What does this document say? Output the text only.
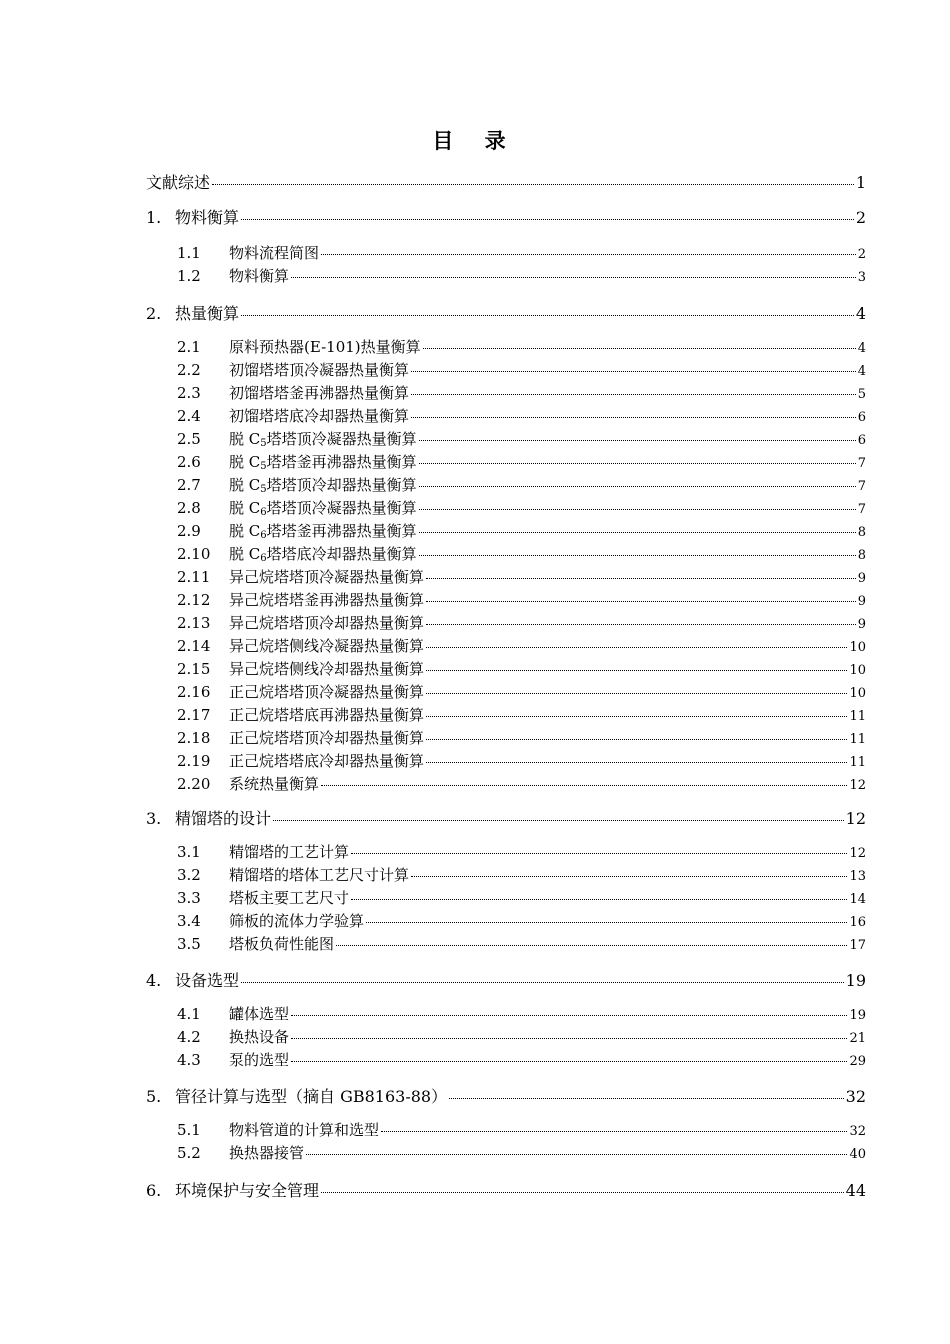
目 录
文献综述	1
1. 物料衡算	2
1.1	物料流程简图	2
1.2	物料衡算	3
2. 热量衡算	4
2.1	原料预热器(E-101)热量衡算	4
2.2	初馏塔塔顶冷凝器热量衡算	4
2.3	初馏塔塔釜再沸器热量衡算	5
2.4	初馏塔塔底冷却器热量衡算	6
2.5	脱 $C_5$塔塔顶冷凝器热量衡算	6
2.6	脱 $C_5$塔塔釜再沸器热量衡算	7
2.7	脱 $C_5$塔塔顶冷却器热量衡算	7
2.8	脱 $C_6$塔塔顶冷凝器热量衡算	7
2.9	脱 $C_6$塔塔釜再沸器热量衡算	8
2.10	脱 $C_6$塔塔底冷却器热量衡算	8
2.11	异己烷塔塔顶冷凝器热量衡算	9
2.12	异己烷塔塔釜再沸器热量衡算	9
2.13	异己烷塔塔顶冷却器热量衡算	9
2.14	异己烷塔侧线冷凝器热量衡算	10
2.15	异己烷塔侧线冷却器热量衡算	10
2.16	正己烷塔塔顶冷凝器热量衡算	10
2.17	正己烷塔塔底再沸器热量衡算	11
2.18	正己烷塔塔顶冷却器热量衡算	11
2.19	正己烷塔塔底冷却器热量衡算	11
2.20	系统热量衡算	12
3. 精馏塔的设计	12
3.1	精馏塔的工艺计算	12
3.2	精馏塔的塔体工艺尺寸计算	13
3.3	塔板主要工艺尺寸	14
3.4	筛板的流体力学验算	16
3.5	塔板负荷性能图	17
4. 设备选型	19
4.1	罐体选型	19
4.2	换热设备	21
4.3	泵的选型	29
5. 管径计算与选型（摘自 GB8163-88）	32
5.1	物料管道的计算和选型	32
5.2	换热器接管	40
6. 环境保护与安全管理	44
